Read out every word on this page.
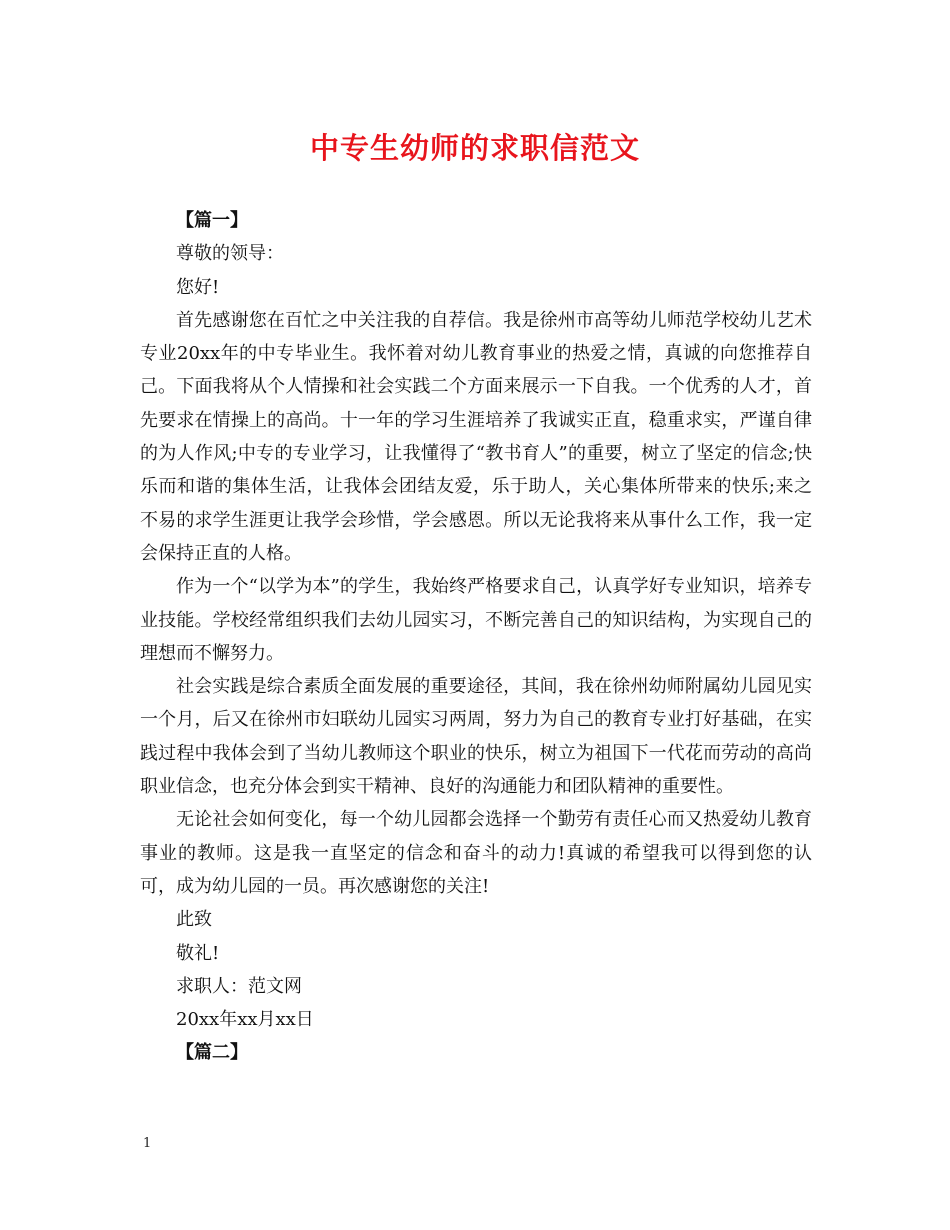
中专生幼师的求职信范文
【篇一】
尊敬的领导：
您好!

首先感谢您在百忙之中关注我的自荐信。我是徐州市高等幼儿师范学校幼儿艺术专业20xx年的中专毕业生。我怀着对幼儿教育事业的热爱之情，真诚的向您推荐自己。下面我将从个人情操和社会实践二个方面来展示一下自我。一个优秀的人才，首先要求在情操上的高尚。十一年的学习生涯培养了我诚实正直，稳重求实，严谨自律的为人作风;中专的专业学习，让我懂得了“教书育人”的重要，树立了坚定的信念;快乐而和谐的集体生活，让我体会团结友爱，乐于助人，关心集体所带来的快乐;来之不易的求学生涯更让我学会珍惜，学会感恩。所以无论我将来从事什么工作，我一定会保持正直的人格。

作为一个“以学为本”的学生，我始终严格要求自己，认真学好专业知识，培养专业技能。学校经常组织我们去幼儿园实习，不断完善自己的知识结构，为实现自己的理想而不懈努力。

社会实践是综合素质全面发展的重要途径，其间，我在徐州幼师附属幼儿园见实一个月，后又在徐州市妇联幼儿园实习两周，努力为自己的教育专业打好基础，在实践过程中我体会到了当幼儿教师这个职业的快乐，树立为祖国下一代花而劳动的高尚职业信念，也充分体会到实干精神、良好的沟通能力和团队精神的重要性。

无论社会如何变化，每一个幼儿园都会选择一个勤劳有责任心而又热爱幼儿教育事业的教师。这是我一直坚定的信念和奋斗的动力!真诚的希望我可以得到您的认可，成为幼儿园的一员。再次感谢您的关注!

此致
敬礼!
求职人：范文网
20xx年xx月xx日
【篇二】
1
